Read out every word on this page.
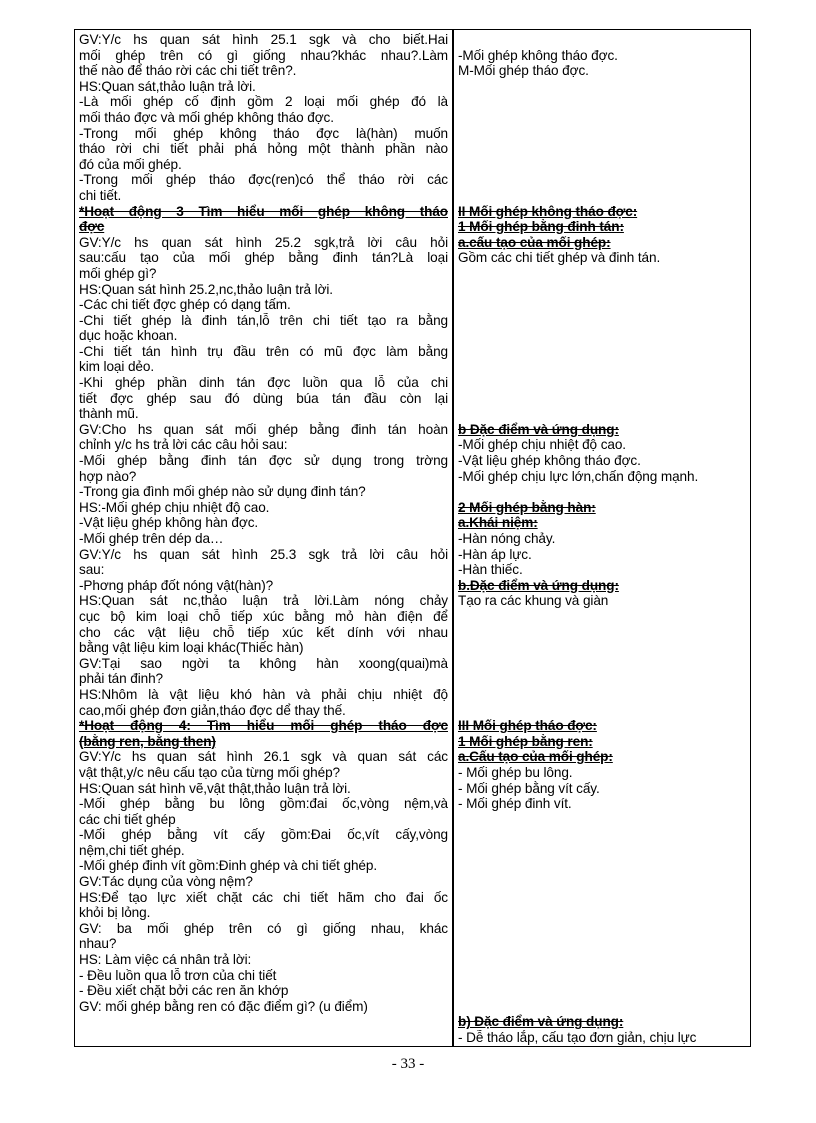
GV:Y/c hs quan sát hình 25.1 sgk và cho biết.Hai
mối ghép trên có gì giống nhau?khác nhau?.Làm
thế nào để tháo rời các chi tiết trên?.
HS:Quan sát,thảo luận trả lời.
-Là mối ghép cố định gồm 2 loại mối ghép đó là
mối tháo đợc và mối ghép không tháo đợc.
-Trong mối ghép không tháo đợc là(hàn) muốn
tháo rời chi tiết phải phá hỏng một thành phần nào
đó của mối ghép.
-Trong mối ghép tháo đợc(ren)có thể tháo rời các
chi tiết.
*Hoạt động 3 Tìm hiểu mối ghép không tháo
đợc
GV:Y/c hs quan sát hình 25.2 sgk,trả lời câu hỏi
sau:cấu tạo của mối ghép bằng đinh tán?Là loại
mối ghép gì?
HS:Quan sát hình 25.2,nc,thảo luận trả lời.
-Các chi tiết đợc ghép có dạng tấm.
-Chi tiết ghép là đinh tán,lỗ trên chi tiết tạo ra bằng
dục hoặc khoan.
-Chi tiết tán hình trụ đầu trên có mũ đợc làm bằng
kim loại dẻo.
-Khi ghép phần dinh tán đợc luồn qua lỗ của chi
tiết đợc ghép sau đó dùng búa tán đầu còn lại
thành mũ.
GV:Cho hs quan sát mối ghép bằng đinh tán hoàn
chỉnh y/c hs trả lời các câu hỏi sau:
-Mối ghép bằng đinh tán đợc sử dụng trong trờng
hợp nào?
-Trong gia đình mối ghép nào sử dụng đinh tán?
HS:-Mối ghép chịu nhiệt độ cao.
-Vật liệu ghép không hàn đợc.
-Mối ghép trên dép da…
GV:Y/c hs quan sát hình 25.3 sgk trả lời câu hỏi
sau:
-Phơng pháp đốt nóng vật(hàn)?
HS:Quan sát nc,thảo luận trả lời.Làm nóng chảy
cục bộ kim loại chỗ tiếp xúc bằng mỏ hàn điện để
cho các vật liệu chỗ tiếp xúc kết dính với nhau
bằng vật liệu kim loại khác(Thiếc hàn)
GV:Tại sao ngời ta không hàn xoong(quai)mà
phải tán đinh?
HS:Nhôm là vật liệu khó hàn và phải chịu nhiệt độ
cao,mối ghép đơn giản,tháo đợc dể thay thế.
*Hoạt động 4: Tìm hiểu mối ghép tháo đợc
(bằng ren, bằng then)
GV:Y/c hs quan sát hình 26.1 sgk và quan sát các
vật thật,y/c nêu cấu tạo của từng mối ghép?
HS:Quan sát hình vẽ,vật thật,thảo luận trả lời.
-Mối ghép bằng bu lông gồm:đai ốc,vòng nệm,và
các chi tiết ghép
-Mối ghép bằng vít cấy gồm:Đai ốc,vít cấy,vòng
nệm,chi tiết ghép.
-Mối ghép đinh vít gồm:Đinh ghép và chi tiết ghép.
GV:Tác dụng của vòng nệm?
HS:Để tạo lực xiết chặt các chi tiết hãm cho đai ốc
khỏi bị lỏng.
GV: ba mối ghép trên có gì giống nhau, khác
nhau?
HS: Làm việc cá nhân trả lời:
- Đều luồn qua lỗ trơn của chi tiết
- Đều xiết chặt bởi các ren ăn khớp
GV: mối ghép bằng ren có đặc điểm gì? (u điểm)
-Mối ghép không tháo đợc.
M-Mối ghép tháo đợc.
II Mối ghép không tháo đợc:
1 Mối ghép bằng đinh tán:
a.cấu tạo của mối ghép:
Gồm các chi tiết ghép và đinh tán.
b Đặc điểm và ứng dụng:
-Mối ghép chịu nhiệt độ cao.
-Vật liệu ghép không tháo đợc.
-Mối ghép chịu lực lớn,chấn động mạnh.
2 Mối ghép bằng hàn:
a.Khái niệm:
-Hàn nóng chảy.
-Hàn áp lực.
-Hàn thiếc.
b.Đặc điểm và ứng dụng:
Tạo ra các khung và giàn
III Mối ghép tháo đợc:
1 Mối ghép bằng ren:
a.Cấu tạo của mối ghép:
- Mối ghép bu lông.
- Mối ghép bằng vít cấy.
- Mối ghép đinh vít.
b) Đặc điểm và ứng dụng:
- Dễ tháo lắp, cấu tạo đơn giản, chịu lực
- 33 -
